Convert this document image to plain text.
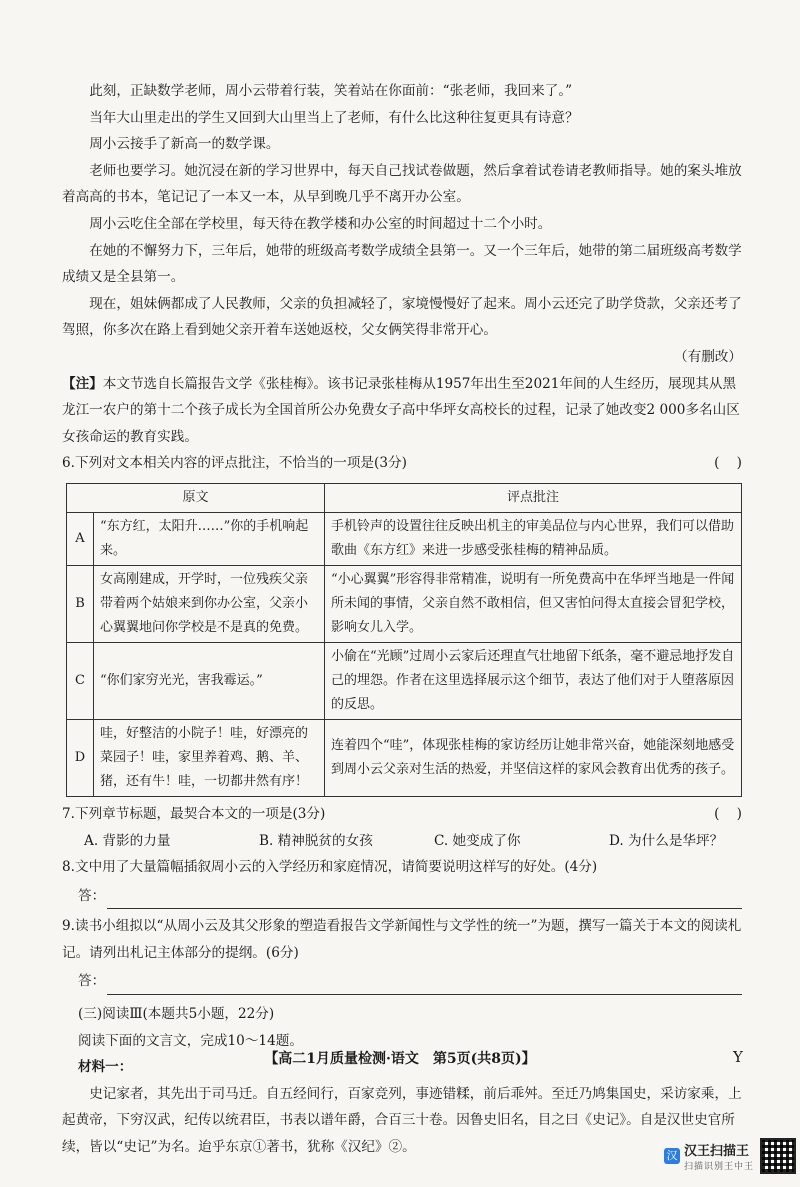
此刻，正缺数学老师，周小云带着行装，笑着站在你面前：“张老师，我回来了。”

当年大山里走出的学生又回到大山里当上了老师，有什么比这种往复更具有诗意？

周小云接手了新高一的数学课。

老师也要学习。她沉浸在新的学习世界中，每天自己找试卷做题，然后拿着试卷请老教师指导。她的案头堆放着高高的书本，笔记记了一本又一本，从早到晚几乎不离开办公室。

周小云吃住全部在学校里，每天待在教学楼和办公室的时间超过十二个小时。

在她的不懈努力下，三年后，她带的班级高考数学成绩全县第一。又一个三年后，她带的第二届班级高考数学成绩又是全县第一。

现在，姐妹俩都成了人民教师，父亲的负担减轻了，家境慢慢好了起来。周小云还完了助学贷款，父亲还考了驾照，你多次在路上看到她父亲开着车送她返校，父女俩笑得非常开心。

（有删改）

【注】本文节选自长篇报告文学《张桂梅》。该书记录张桂梅从1957年出生至2021年间的人生经历，展现其从黑龙江一农户的第十二个孩子成长为全国首所公办免费女子高中华坪女高校长的过程，记录了她改变2 000多名山区女孩命运的教育实践。

6.下列对文本相关内容的评点批注，不恰当的一项是(3分)	(    )
原文		评点批注
A	“东方红，太阳升……”你的手机响起来。	手机铃声的设置往往反映出机主的审美品位与内心世界，我们可以借助歌曲《东方红》来进一步感受张桂梅的精神品质。
B	女高刚建成，开学时，一位残疾父亲带着两个姑娘来到你办公室，父亲小心翼翼地问你学校是不是真的免费。	“小心翼翼”形容得非常精准，说明有一所免费高中在华坪当地是一件闻所未闻的事情，父亲自然不敢相信，但又害怕问得太直接会冒犯学校，影响女儿入学。
C	“你们家穷光光，害我霉运。”	小偷在“光顾”过周小云家后还理直气壮地留下纸条，毫不避忌地抒发自己的埋怨。作者在这里选择展示这个细节，表达了他们对于人堕落原因的反思。
D	哇，好整洁的小院子！哇，好漂亮的菜园子！哇，家里养着鸡、鹅、羊、猪，还有牛！哇，一切都井然有序！	连着四个“哇”，体现张桂梅的家访经历让她非常兴奋，她能深刻地感受到周小云父亲对生活的热爱，并坚信这样的家风会教育出优秀的孩子。
7.下列章节标题，最契合本文的一项是(3分)	(    )
A. 背影的力量	B. 精神脱贫的女孩	C. 她变成了你	D. 为什么是华坪？

8.文中用了大量篇幅插叙周小云的入学经历和家庭情况，请简要说明这样写的好处。(4分)

答：

9.读书小组拟以“从周小云及其父形象的塑造看报告文学新闻性与文学性的统一”为题，撰写一篇关于本文的阅读札记。请列出札记主体部分的提纲。(6分)

答：

(三)阅读Ⅲ(本题共5小题，22分)

阅读下面的文言文，完成10～14题。

材料一：

史记家者，其先出于司马迁。自五经间行，百家竞列，事迹错糅，前后乖舛。至迁乃鸠集国史，采访家乘，上起黄帝，下穷汉武，纪传以统君臣，书表以谱年爵，合百三十卷。因鲁史旧名，目之曰《史记》。自是汉世史官所续，皆以“史记”为名。迨乎东京①著书，犹称《汉纪》②。

【高二1月质量检测·语文　第5页(共8页)】	Y
汉 汉王扫描王
扫描识别王中王
